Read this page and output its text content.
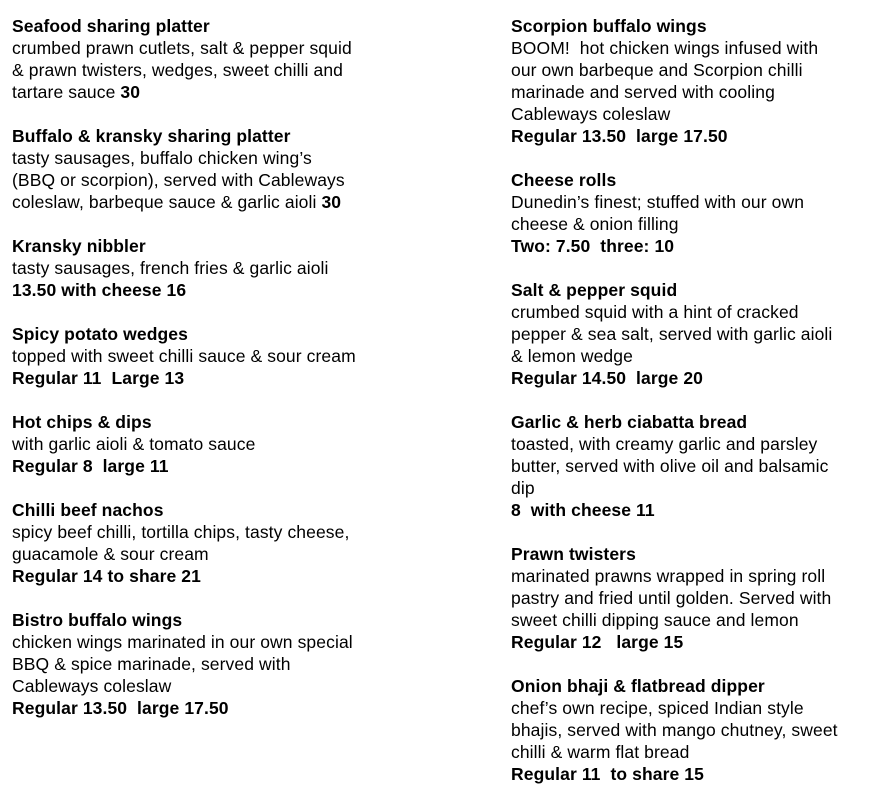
Seafood sharing platter
crumbed prawn cutlets, salt & pepper squid
& prawn twisters, wedges, sweet chilli and
tartare sauce 30
Buffalo & kransky sharing platter
tasty sausages, buffalo chicken wing’s
(BBQ or scorpion), served with Cableways
coleslaw, barbeque sauce & garlic aioli 30
Kransky nibbler
tasty sausages, french fries & garlic aioli
13.50 with cheese 16
Spicy potato wedges
topped with sweet chilli sauce & sour cream
Regular 11  Large 13
Hot chips & dips
with garlic aioli & tomato sauce
Regular 8  large 11
Chilli beef nachos
spicy beef chilli, tortilla chips, tasty cheese,
guacamole & sour cream
Regular 14 to share 21
Bistro buffalo wings
chicken wings marinated in our own special
BBQ & spice marinade, served with
Cableways coleslaw
Regular 13.50  large 17.50
Scorpion buffalo wings
BOOM!  hot chicken wings infused with
our own barbeque and Scorpion chilli
marinade and served with cooling
Cableways coleslaw
Regular 13.50  large 17.50
Cheese rolls
Dunedin’s finest; stuffed with our own
cheese & onion filling
Two: 7.50  three: 10
Salt & pepper squid
crumbed squid with a hint of cracked
pepper & sea salt, served with garlic aioli
& lemon wedge
Regular 14.50  large 20
Garlic & herb ciabatta bread
toasted, with creamy garlic and parsley
butter, served with olive oil and balsamic
dip
8  with cheese 11
Prawn twisters
marinated prawns wrapped in spring roll
pastry and fried until golden. Served with
sweet chilli dipping sauce and lemon
Regular 12   large 15
Onion bhaji & flatbread dipper
chef’s own recipe, spiced Indian style
bhajis, served with mango chutney, sweet
chilli & warm flat bread
Regular 11  to share 15
